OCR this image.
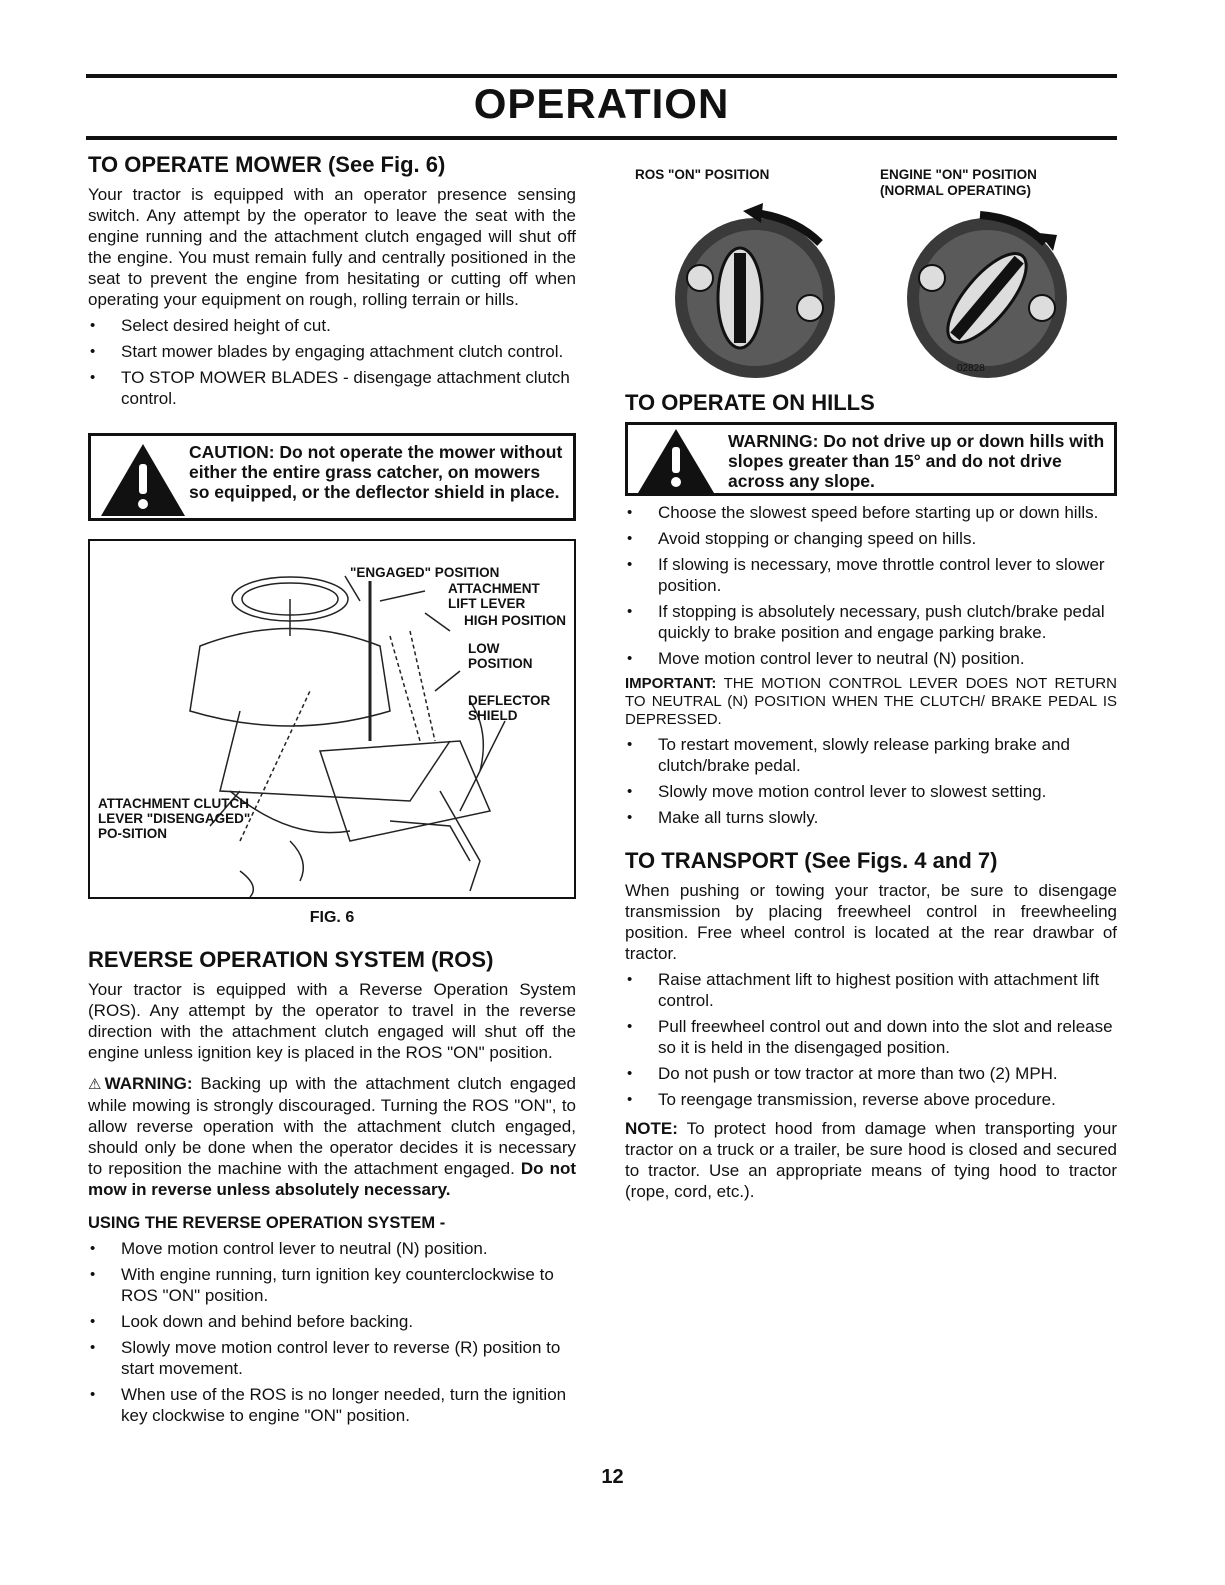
OPERATION
TO OPERATE MOWER (See Fig. 6)

Your tractor is equipped with an operator presence sensing switch. Any attempt by the operator to leave the seat with the engine running and the attachment clutch engaged will shut off the engine. You must remain fully and centrally positioned in the seat to prevent the engine from hesitating or cutting off when operating your equipment on rough, rolling terrain or hills.

• Select desired height of cut.
• Start mower blades by engaging attachment clutch control.
• TO STOP MOWER BLADES - disengage attachment clutch control.
CAUTION: Do not operate the mower without either the entire grass catcher, on mowers so equipped, or the deflector shield in place.
"ENGAGED" POSITION
ATTACHMENT LIFT LEVER
HIGH POSITION
LOW POSITION
DEFLECTOR SHIELD
ATTACHMENT CLUTCH LEVER "DISENGAGED" PO-SITION
FIG. 6
REVERSE OPERATION SYSTEM (ROS)

Your tractor is equipped with a Reverse Operation System (ROS). Any attempt by the operator to travel in the reverse direction with the attachment clutch engaged will shut off the engine unless ignition key is placed in the ROS "ON" position.

⚠WARNING: Backing up with the attachment clutch engaged while mowing is strongly discouraged. Turning the ROS "ON", to allow reverse operation with the attachment clutch engaged, should only be done when the operator decides it is necessary to reposition the machine with the attachment engaged. Do not mow in reverse unless absolutely necessary.

USING THE REVERSE OPERATION SYSTEM -
• Move motion control lever to neutral (N) position.
• With engine running, turn ignition key counterclockwise to ROS "ON" position.
• Look down and behind before backing.
• Slowly move motion control lever to reverse (R) position to start movement.
• When use of the ROS is no longer needed, turn the ignition key clockwise to engine "ON" position.
ROS "ON" POSITION	ENGINE "ON" POSITION (NORMAL OPERATING)
02828
TO OPERATE ON HILLS
WARNING: Do not drive up or down hills with slopes greater than 15° and do not drive across any slope.
• Choose the slowest speed before starting up or down hills.
• Avoid stopping or changing speed on hills.
• If slowing is necessary, move throttle control lever to slower position.
• If stopping is absolutely necessary, push clutch/brake pedal quickly to brake position and engage parking brake.
• Move motion control lever to neutral (N) position.

IMPORTANT: THE MOTION CONTROL LEVER DOES NOT RETURN TO NEUTRAL (N) POSITION WHEN THE CLUTCH/ BRAKE PEDAL IS DEPRESSED.

• To restart movement, slowly release parking brake and clutch/brake pedal.
• Slowly move motion control lever to slowest setting.
• Make all turns slowly.
TO TRANSPORT (See Figs. 4 and 7)

When pushing or towing your tractor, be sure to disengage transmission by placing freewheel control in freewheeling position. Free wheel control is located at the rear drawbar of tractor.

• Raise attachment lift to highest position with attachment lift control.
• Pull freewheel control out and down into the slot and release so it is held in the disengaged position.
• Do not push or tow tractor at more than two (2) MPH.
• To reengage transmission, reverse above procedure.

NOTE: To protect hood from damage when transporting your tractor on a truck or a trailer, be sure hood is closed and secured to tractor. Use an appropriate means of tying hood to tractor (rope, cord, etc.).

12
